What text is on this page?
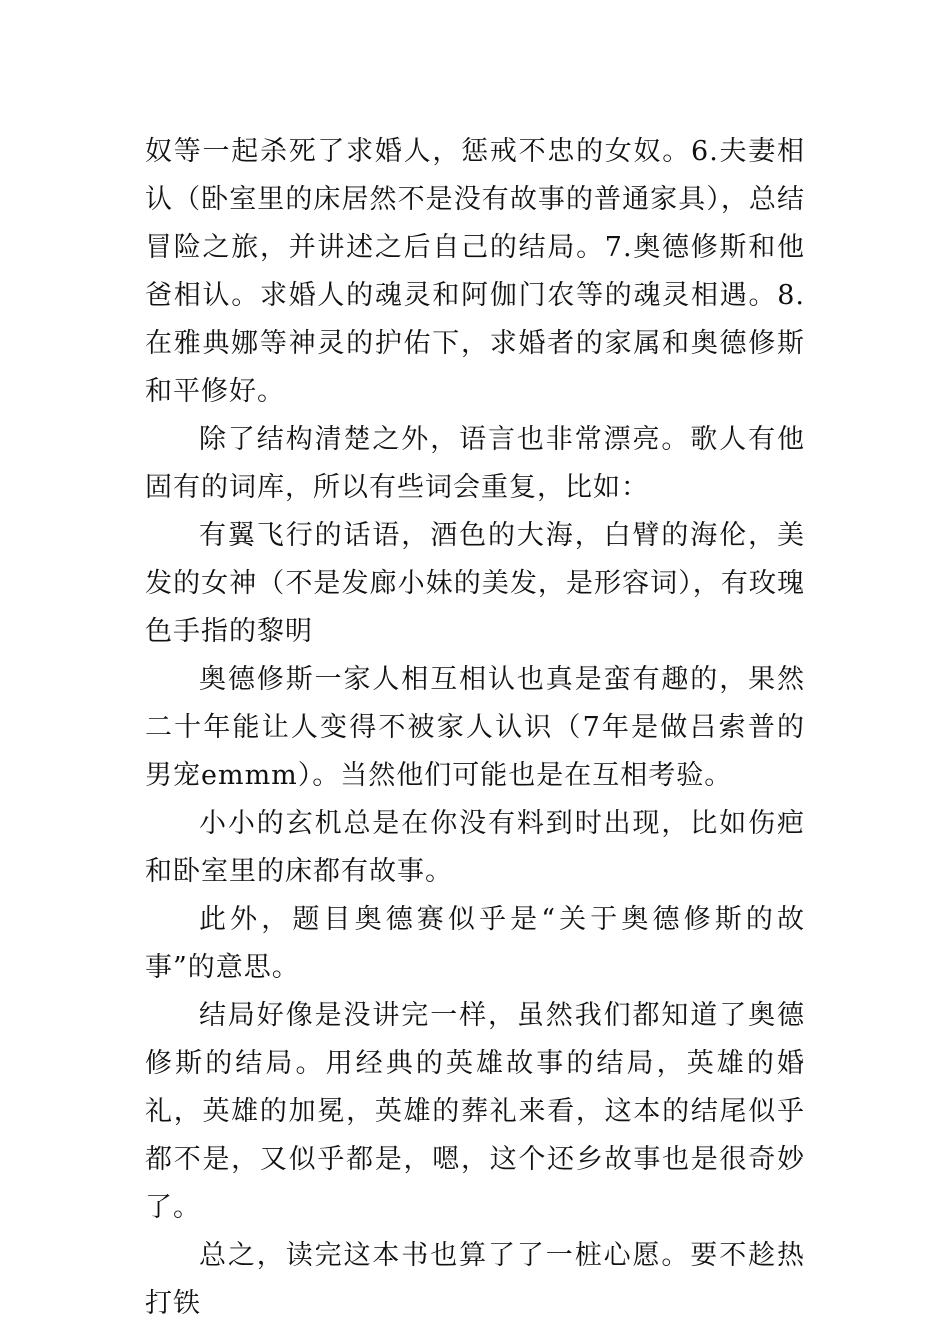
奴等一起杀死了求婚人，惩戒不忠的女奴。6.夫妻相认（卧室里的床居然不是没有故事的普通家具），总结冒险之旅，并讲述之后自己的结局。7.奥德修斯和他爸相认。求婚人的魂灵和阿伽门农等的魂灵相遇。8.在雅典娜等神灵的护佑下，求婚者的家属和奥德修斯和平修好。

除了结构清楚之外，语言也非常漂亮。歌人有他固有的词库，所以有些词会重复，比如：

有翼飞行的话语，酒色的大海，白臂的海伦，美发的女神（不是发廊小妹的美发，是形容词），有玫瑰色手指的黎明

奥德修斯一家人相互相认也真是蛮有趣的，果然二十年能让人变得不被家人认识（7年是做吕索普的男宠emmm）。当然他们可能也是在互相考验。

小小的玄机总是在你没有料到时出现，比如伤疤和卧室里的床都有故事。

此外，题目奥德赛似乎是“关于奥德修斯的故事”的意思。

结局好像是没讲完一样，虽然我们都知道了奥德修斯的结局。用经典的英雄故事的结局，英雄的婚礼，英雄的加冕，英雄的葬礼来看，这本的结尾似乎都不是，又似乎都是，嗯，这个还乡故事也是很奇妙了。

总之，读完这本书也算了了一桩心愿。要不趁热打铁
